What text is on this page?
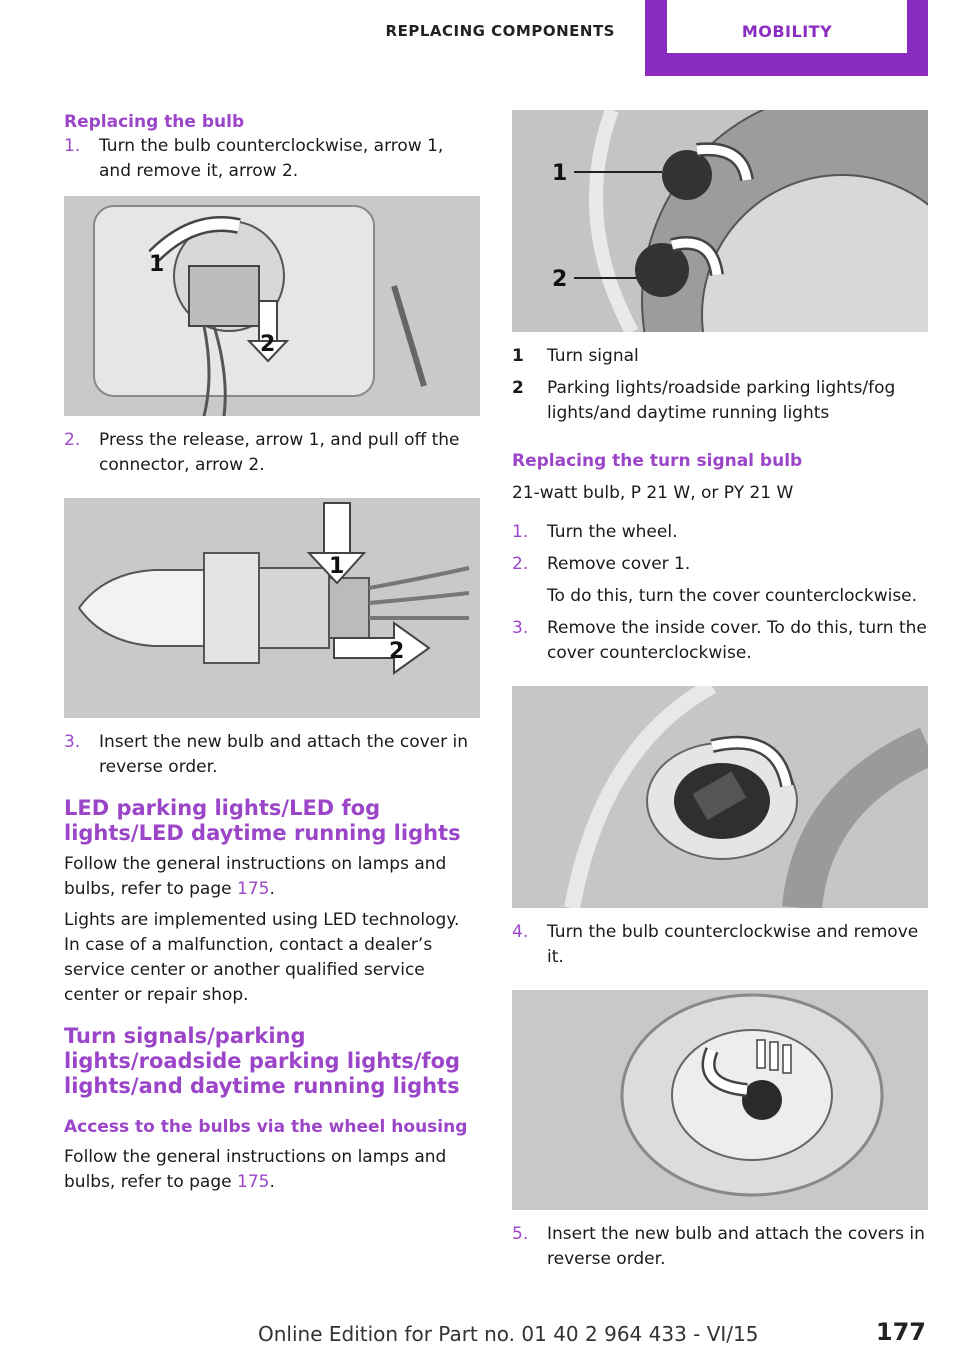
REPLACING COMPONENTS	MOBILITY
Replacing the bulb
1.	Turn the bulb counterclockwise, arrow 1, and remove it, arrow 2.
1
2
2.	Press the release, arrow 1, and pull off the connector, arrow 2.
1
2
3.	Insert the new bulb and attach the cover in reverse order.
LED parking lights/LED fog lights/LED daytime running lights

Follow the general instructions on lamps and bulbs, refer to page 175.

Lights are implemented using LED technology. In case of a malfunction, contact a dealer’s service center or another qualified service center or repair shop.

Turn signals/parking lights/roadside parking lights/fog lights/and daytime running lights
Access to the bulbs via the wheel housing

Follow the general instructions on lamps and bulbs, refer to page 175.

1
2
1	Turn signal
2	Parking lights/roadside parking lights/fog lights/and daytime running lights
Replacing the turn signal bulb

21-watt bulb, P 21 W, or PY 21 W

1.	Turn the wheel.
2.	Remove cover 1.
To do this, turn the cover counterclockwise.
3.	Remove the inside cover. To do this, turn the cover counterclockwise.
4.	Turn the bulb counterclockwise and remove it.
5.	Insert the new bulb and attach the covers in reverse order.
Online Edition for Part no. 01 40 2 964 433 - VI/15	177
